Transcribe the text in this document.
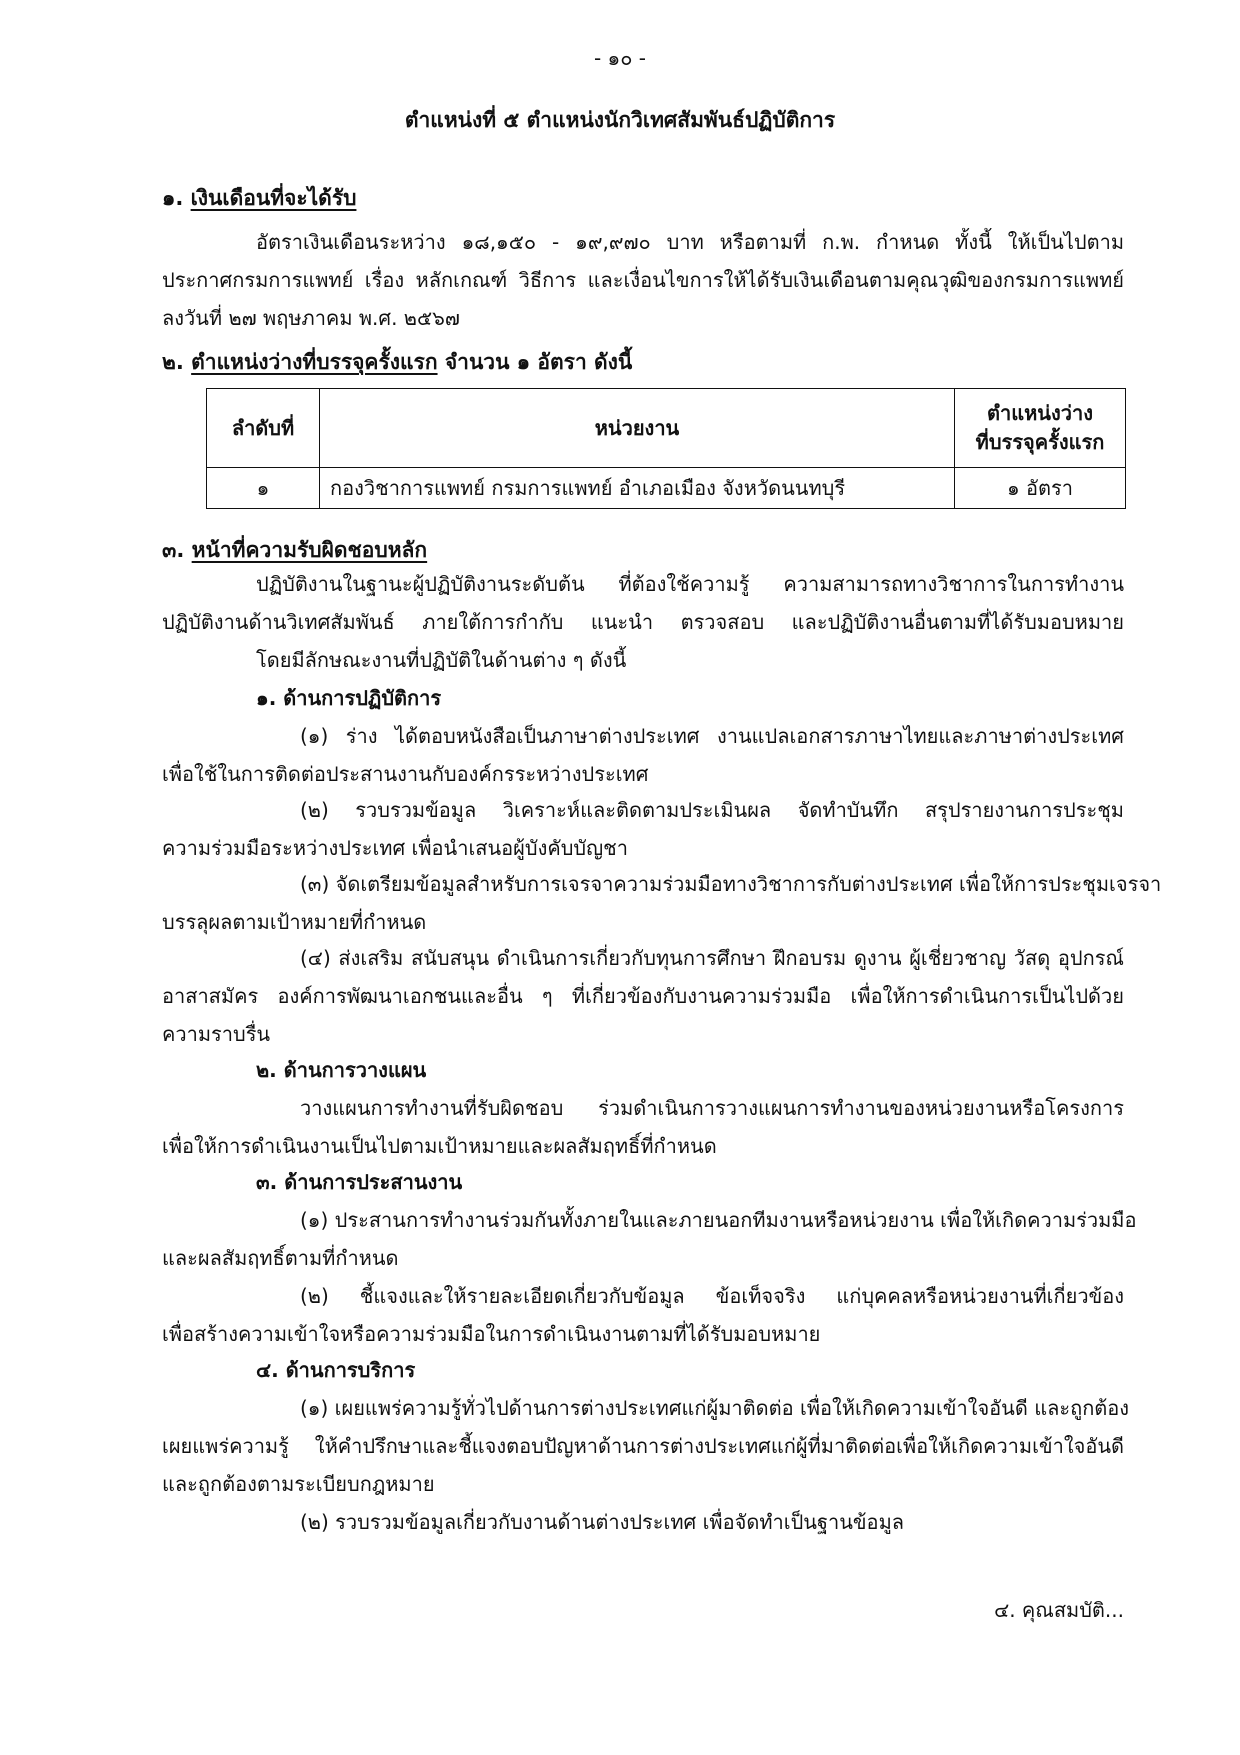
- ๑๐ -
ตำแหน่งที่ ๕ ตำแหน่งนักวิเทศสัมพันธ์ปฏิบัติการ
๑. เงินเดือนที่จะได้รับ
อัตราเงินเดือนระหว่าง ๑๘,๑๕๐ - ๑๙,๙๗๐ บาท หรือตามที่ ก.พ. กำหนด ทั้งนี้ ให้เป็นไปตาม
ประกาศกรมการแพทย์ เรื่อง หลักเกณฑ์ วิธีการ และเงื่อนไขการให้ได้รับเงินเดือนตามคุณวุฒิของกรมการแพทย์
ลงวันที่ ๒๗ พฤษภาคม พ.ศ. ๒๕๖๗
๒. ตำแหน่งว่างที่บรรจุครั้งแรก จำนวน ๑ อัตรา ดังนี้
ลำดับที่	หน่วยงาน	ตำแหน่งว่าง
ที่บรรจุครั้งแรก

๑	กองวิชาการแพทย์ กรมการแพทย์ อำเภอเมือง จังหวัดนนทบุรี	๑ อัตรา
๓. หน้าที่ความรับผิดชอบหลัก
ปฏิบัติงานในฐานะผู้ปฏิบัติงานระดับต้น ที่ต้องใช้ความรู้ ความสามารถทางวิชาการในการทำงาน
ปฏิบัติงานด้านวิเทศสัมพันธ์ ภายใต้การกำกับ แนะนำ ตรวจสอบ และปฏิบัติงานอื่นตามที่ได้รับมอบหมาย
โดยมีลักษณะงานที่ปฏิบัติในด้านต่าง ๆ ดังนี้
๑. ด้านการปฏิบัติการ
(๑) ร่าง ได้ตอบหนังสือเป็นภาษาต่างประเทศ งานแปลเอกสารภาษาไทยและภาษาต่างประเทศ
เพื่อใช้ในการติดต่อประสานงานกับองค์กรระหว่างประเทศ
(๒) รวบรวมข้อมูล วิเคราะห์และติดตามประเมินผล จัดทำบันทึก สรุปรายงานการประชุม
ความร่วมมือระหว่างประเทศ เพื่อนำเสนอผู้บังคับบัญชา
(๓) จัดเตรียมข้อมูลสำหรับการเจรจาความร่วมมือทางวิชาการกับต่างประเทศ เพื่อให้การประชุมเจรจา
บรรลุผลตามเป้าหมายที่กำหนด
(๔) ส่งเสริม สนับสนุน ดำเนินการเกี่ยวกับทุนการศึกษา ฝึกอบรม ดูงาน ผู้เชี่ยวชาญ วัสดุ อุปกรณ์
อาสาสมัคร องค์การพัฒนาเอกชนและอื่น ๆ ที่เกี่ยวข้องกับงานความร่วมมือ เพื่อให้การดำเนินการเป็นไปด้วย
ความราบรื่น
๒. ด้านการวางแผน
วางแผนการทำงานที่รับผิดชอบ ร่วมดำเนินการวางแผนการทำงานของหน่วยงานหรือโครงการ
เพื่อให้การดำเนินงานเป็นไปตามเป้าหมายและผลสัมฤทธิ์ที่กำหนด
๓. ด้านการประสานงาน
(๑) ประสานการทำงานร่วมกันทั้งภายในและภายนอกทีมงานหรือหน่วยงาน เพื่อให้เกิดความร่วมมือ
และผลสัมฤทธิ์ตามที่กำหนด
(๒) ชี้แจงและให้รายละเอียดเกี่ยวกับข้อมูล ข้อเท็จจริง แก่บุคคลหรือหน่วยงานที่เกี่ยวข้อง
เพื่อสร้างความเข้าใจหรือความร่วมมือในการดำเนินงานตามที่ได้รับมอบหมาย
๔. ด้านการบริการ
(๑) เผยแพร่ความรู้ทั่วไปด้านการต่างประเทศแก่ผู้มาติดต่อ เพื่อให้เกิดความเข้าใจอันดี และถูกต้อง
เผยแพร่ความรู้ ให้คำปรึกษาและชี้แจงตอบปัญหาด้านการต่างประเทศแก่ผู้ที่มาติดต่อเพื่อให้เกิดความเข้าใจอันดี
และถูกต้องตามระเบียบกฎหมาย
(๒) รวบรวมข้อมูลเกี่ยวกับงานด้านต่างประเทศ เพื่อจัดทำเป็นฐานข้อมูล
๔. คุณสมบัติ...
